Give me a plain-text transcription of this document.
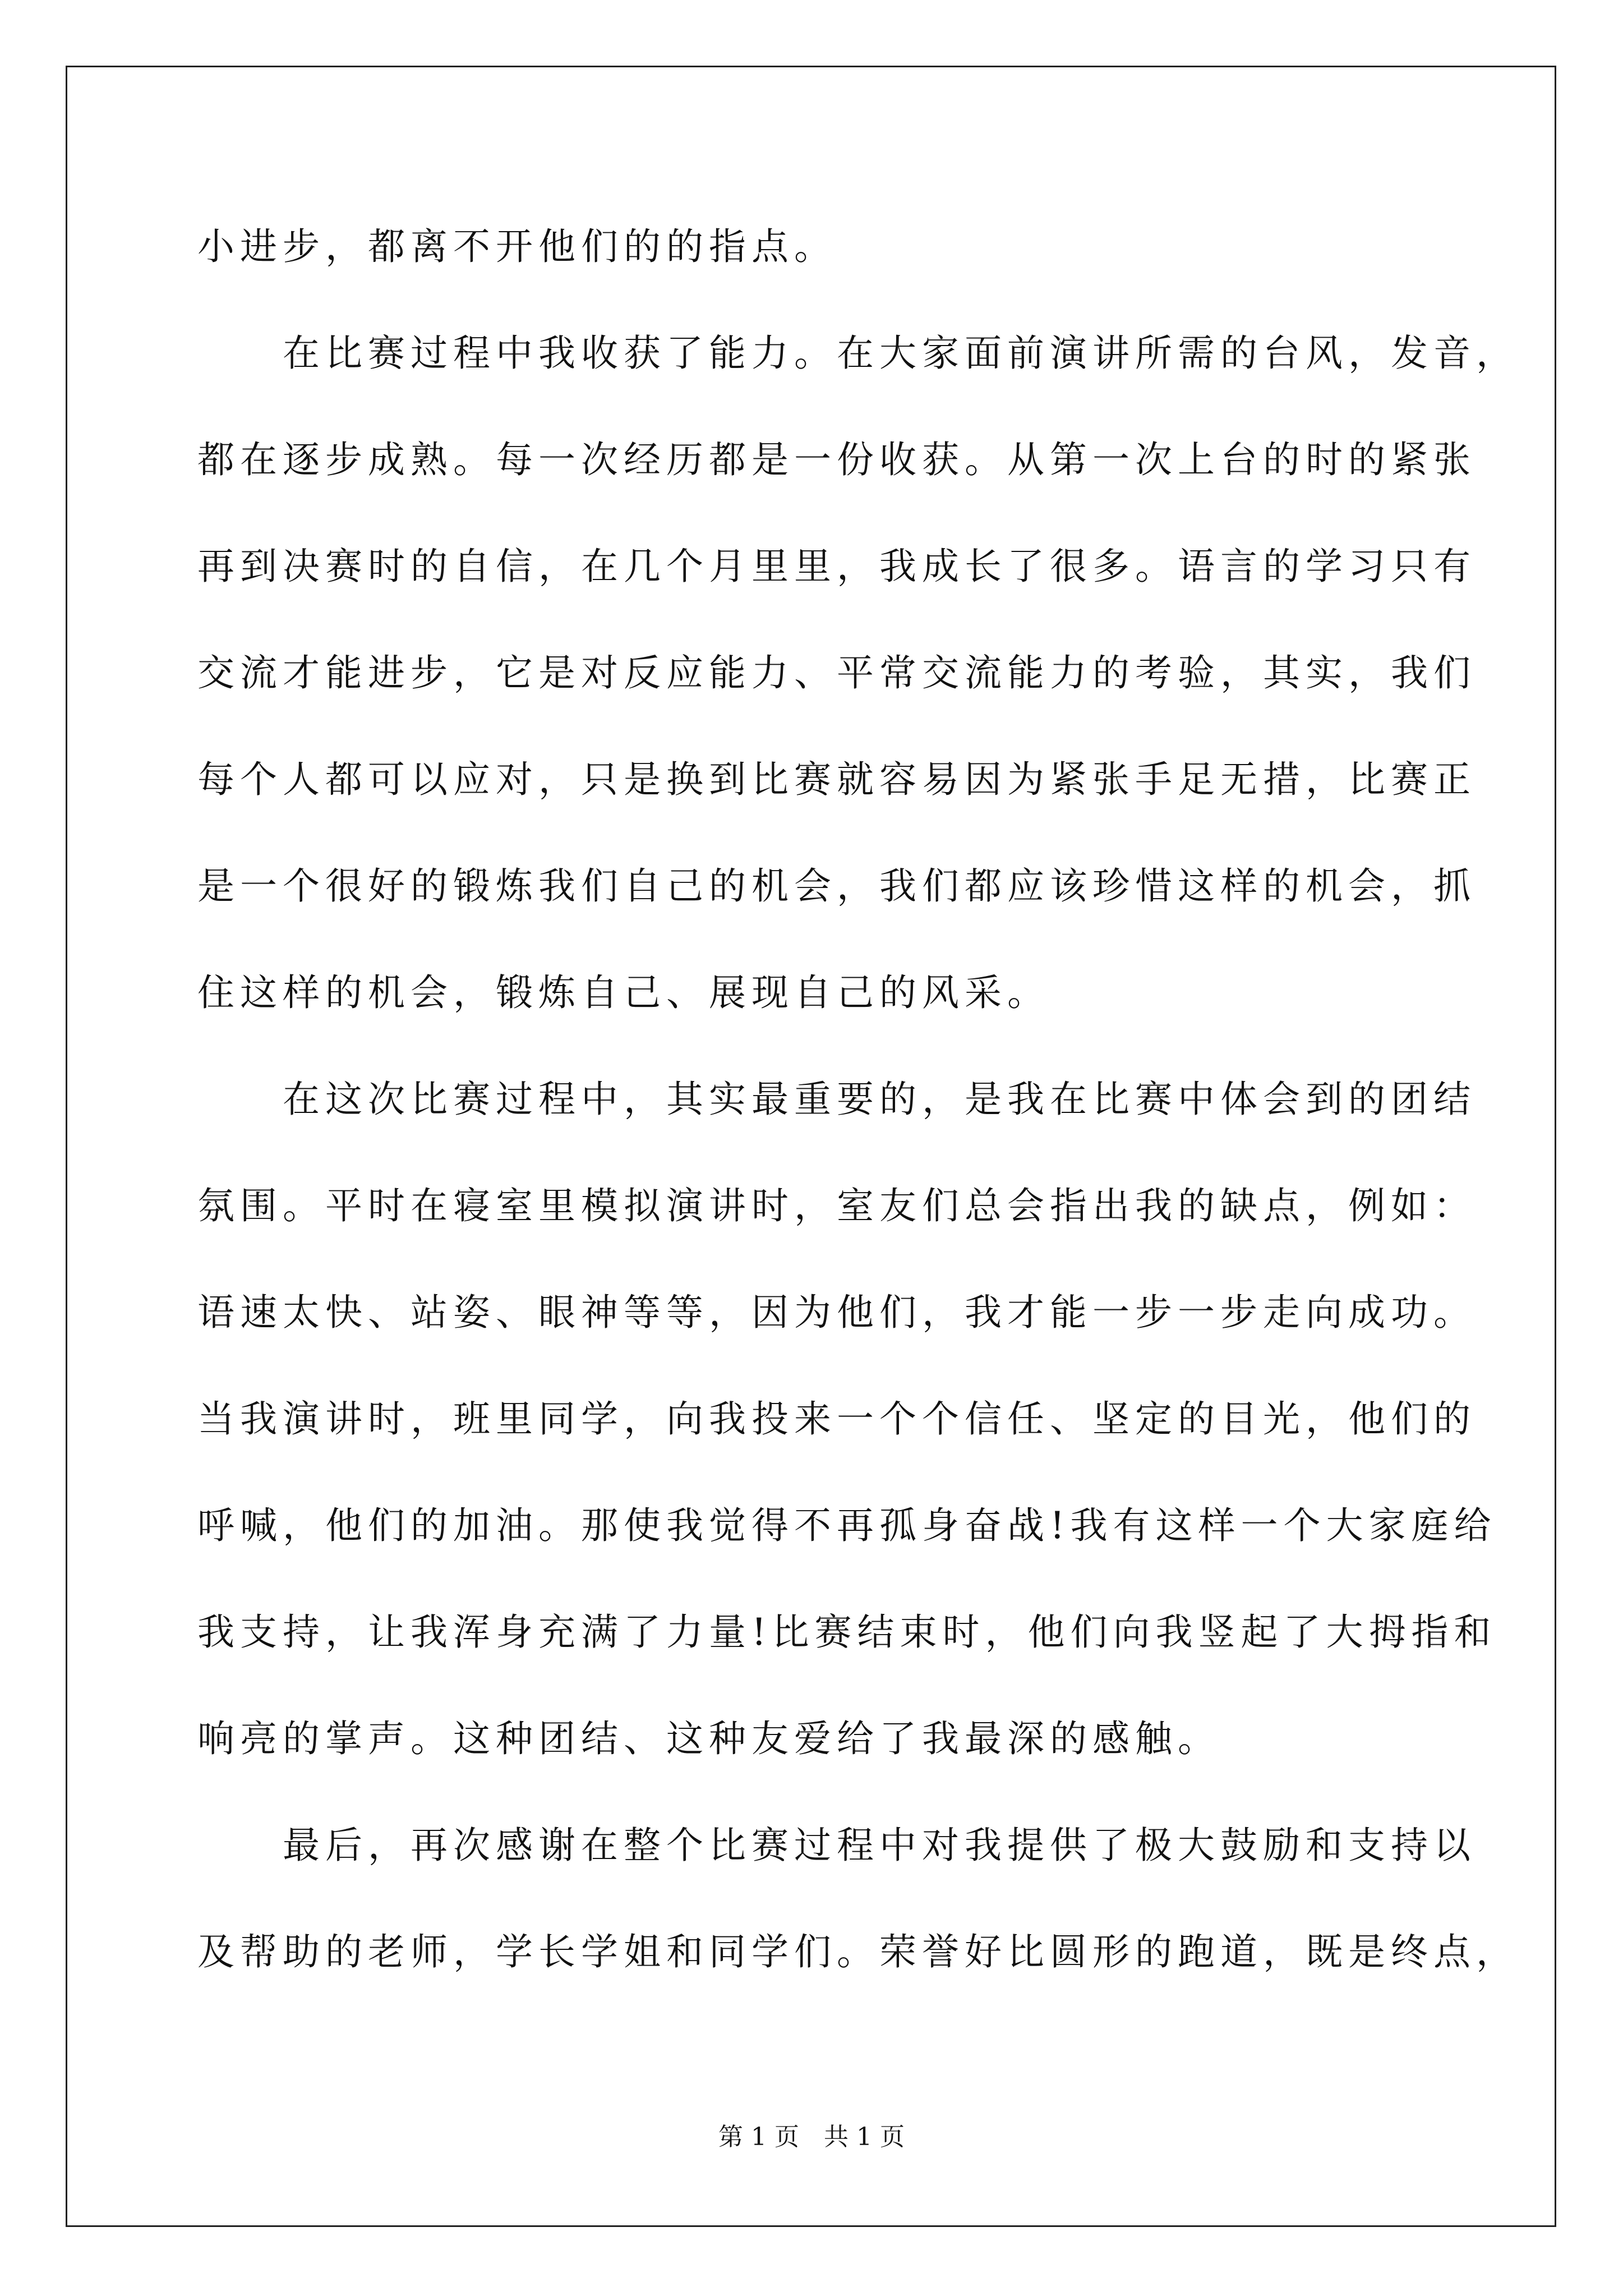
小进步，都离不开他们的的指点。
　　在比赛过程中我收获了能力。在大家面前演讲所需的台风，发音，
都在逐步成熟。每一次经历都是一份收获。从第一次上台的时的紧张
再到决赛时的自信，在几个月里里，我成长了很多。语言的学习只有
交流才能进步，它是对反应能力、平常交流能力的考验，其实，我们
每个人都可以应对，只是换到比赛就容易因为紧张手足无措，比赛正
是一个很好的锻炼我们自己的机会，我们都应该珍惜这样的机会，抓
住这样的机会，锻炼自己、展现自己的风采。
　　在这次比赛过程中，其实最重要的，是我在比赛中体会到的团结
氛围。平时在寝室里模拟演讲时，室友们总会指出我的缺点，例如：
语速太快、站姿、眼神等等，因为他们，我才能一步一步走向成功。
当我演讲时，班里同学，向我投来一个个信任、坚定的目光，他们的
呼喊，他们的加油。那使我觉得不再孤身奋战!我有这样一个大家庭给
我支持，让我浑身充满了力量!比赛结束时，他们向我竖起了大拇指和
响亮的掌声。这种团结、这种友爱给了我最深的感触。
　　最后，再次感谢在整个比赛过程中对我提供了极大鼓励和支持以
及帮助的老师，学长学姐和同学们。荣誉好比圆形的跑道，既是终点，
第 1 页　共 1 页
